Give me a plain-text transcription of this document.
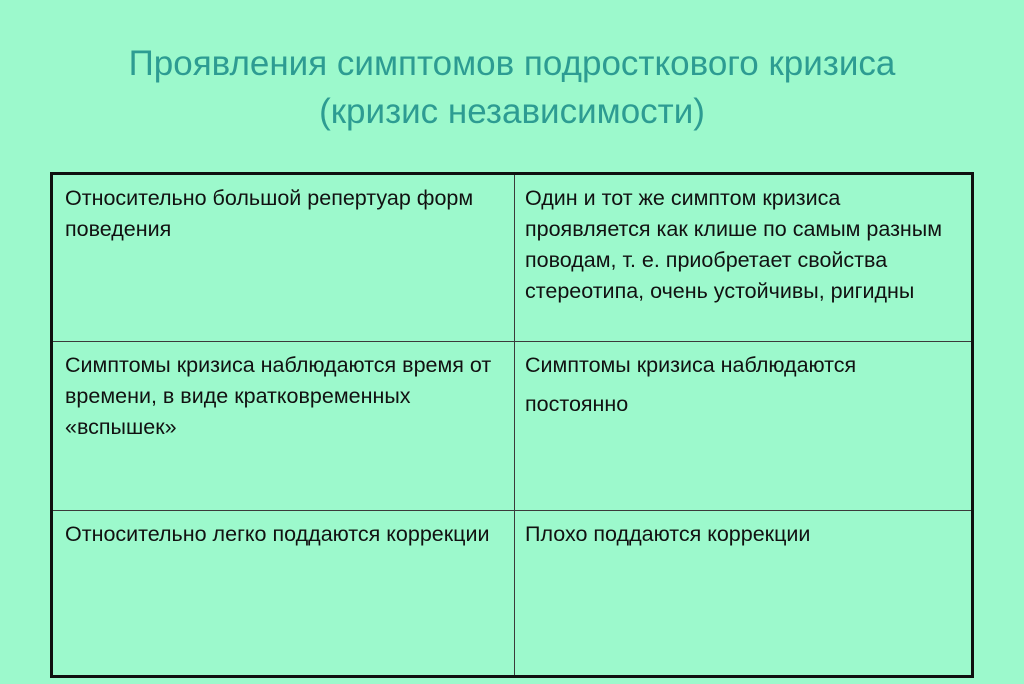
Проявления симптомов подросткового кризиса
(кризис независимости)
Относительно большой репертуар форм поведения
Один и тот же симптом кризиса проявляется как клише по самым разным поводам, т. е. приобретает свойства стереотипа, очень устойчивы, ригидны
Симптомы кризиса наблюдаются время от времени, в виде кратковременных «вспышек»
Симптомы кризиса наблюдаются
постоянно
Относительно легко поддаются коррекции	Плохо поддаются коррекции
